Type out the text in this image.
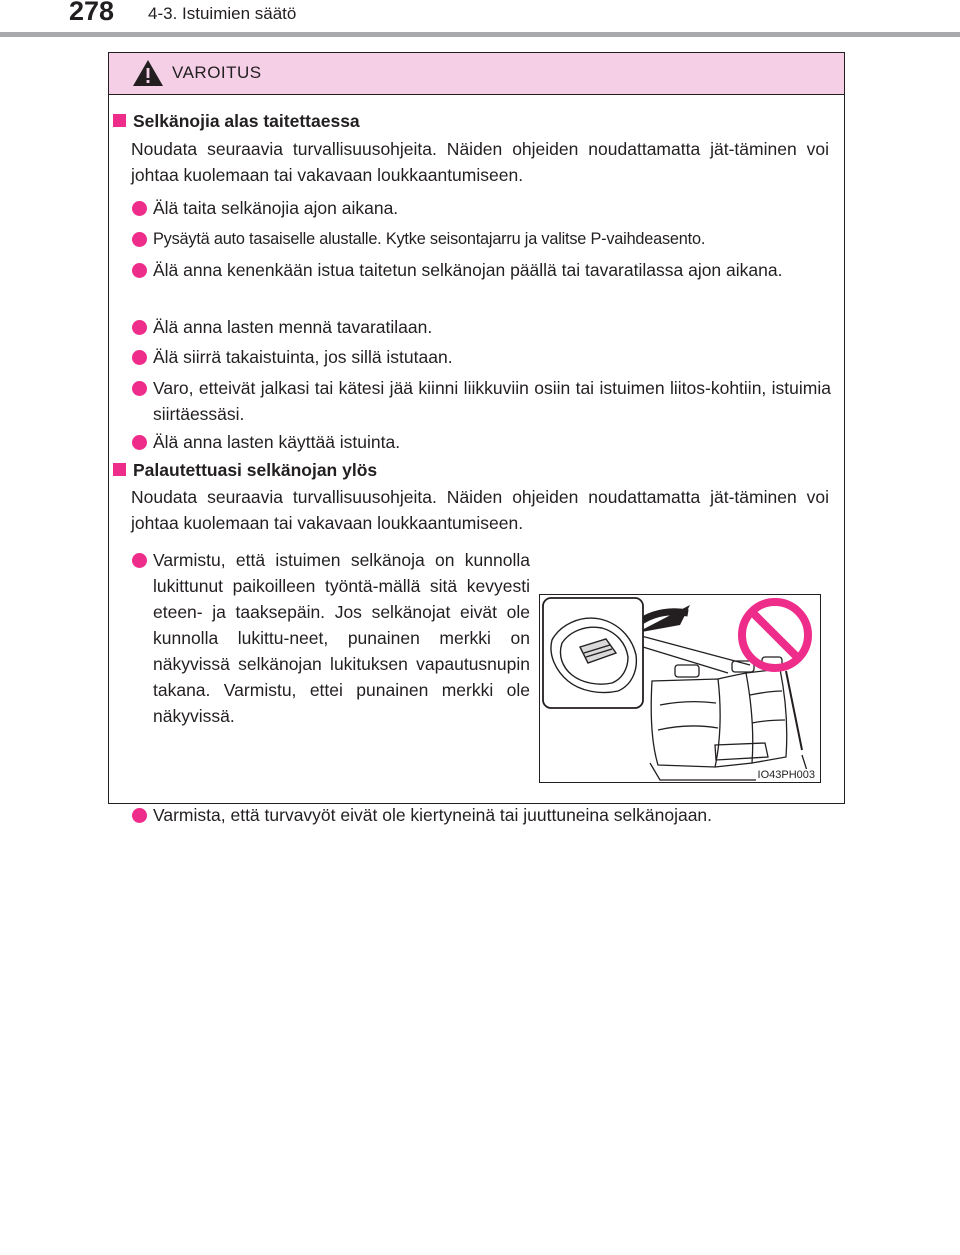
278 4-3. Istuimien säätö
VAROITUS
Selkänojia alas taitettaessa
Noudata seuraavia turvallisuusohjeita. Näiden ohjeiden noudattamatta jät-täminen voi johtaa kuolemaan tai vakavaan loukkaantumiseen.
Älä taita selkänojia ajon aikana.
Pysäytä auto tasaiselle alustalle. Kytke seisontajarru ja valitse P-vaihdeasento.
Älä anna kenenkään istua taitetun selkänojan päällä tai tavaratilassa ajon aikana.
Älä anna lasten mennä tavaratilaan.
Älä siirrä takaistuinta, jos sillä istutaan.
Varo, etteivät jalkasi tai kätesi jää kiinni liikkuviin osiin tai istuimen liitos-kohtiin, istuimia siirtäessäsi.
Älä anna lasten käyttää istuinta.
Palautettuasi selkänojan ylös
Noudata seuraavia turvallisuusohjeita. Näiden ohjeiden noudattamatta jät-täminen voi johtaa kuolemaan tai vakavaan loukkaantumiseen.
Varmistu, että istuimen selkänoja on kunnolla lukittunut paikoilleen työntä-mällä sitä kevyesti eteen- ja taaksepäin. Jos selkänojat eivät ole kunnolla lukittu-neet, punainen merkki on näkyvissä selkänojan lukituksen vapautusnupin takana. Varmistu, ettei punainen merkki ole näkyvissä.
IO43PH003
Varmista, että turvavyöt eivät ole kiertyneinä tai juuttuneina selkänojaan.
